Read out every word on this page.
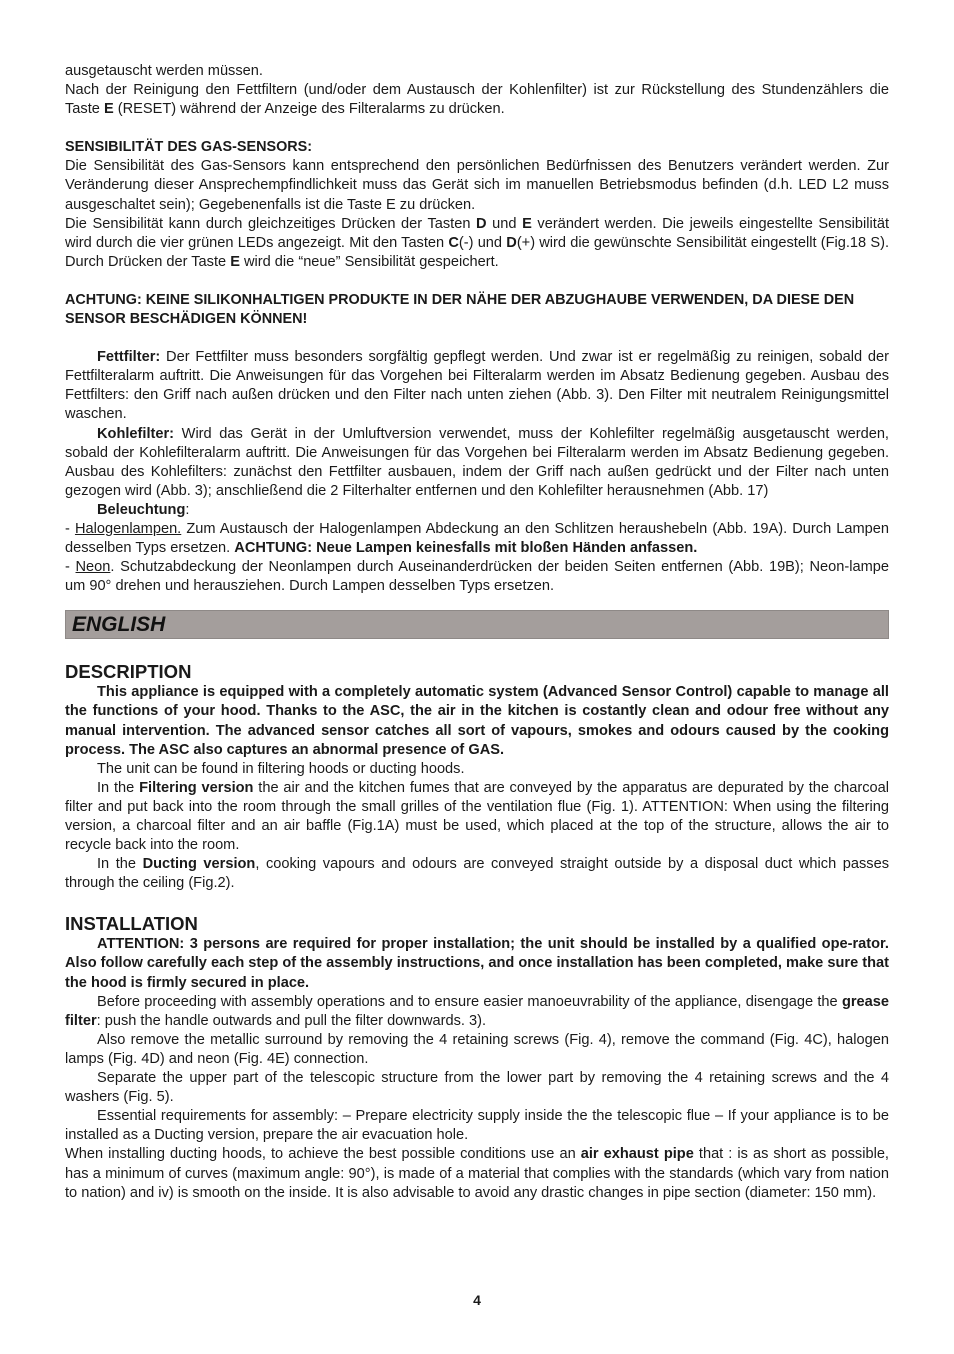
ausgetauscht werden müssen.

Nach der Reinigung den Fettfiltern (und/oder dem Austausch der Kohlenfilter) ist zur Rückstellung des Stundenzählers die Taste E (RESET) während der Anzeige des Filteralarms zu drücken.

SENSIBILITÄT DES GAS-SENSORS:

Die Sensibilität des Gas-Sensors kann entsprechend den persönlichen Bedürfnissen des Benutzers verändert werden. Zur Veränderung dieser Ansprechempfindlichkeit muss das Gerät sich im manuellen Betriebsmodus befinden (d.h. LED L2 muss ausgeschaltet sein); Gegebenenfalls ist die Taste E zu drücken.

Die Sensibilität kann durch gleichzeitiges Drücken der Tasten D und E verändert werden. Die jeweils eingestellte Sensibilität wird durch die vier grünen LEDs angezeigt. Mit den Tasten C(-) und D(+) wird die gewünschte Sensibilität eingestellt (Fig.18 S). Durch Drücken der Taste E wird die “neue” Sensibilität gespeichert.

ACHTUNG: KEINE SILIKONHALTIGEN PRODUKTE IN DER NÄHE DER ABZUGHAUBE VERWENDEN, DA DIESE DEN SENSOR BESCHÄDIGEN KÖNNEN!

Fettfilter: Der Fettfilter muss besonders sorgfältig gepflegt werden. Und zwar ist er regelmäßig zu reinigen, sobald der Fettfilteralarm auftritt. Die Anweisungen für das Vorgehen bei Filteralarm werden im Absatz Bedienung gegeben. Ausbau des Fettfilters: den Griff nach außen drücken und den Filter nach unten ziehen (Abb. 3). Den Filter mit neutralem Reinigungsmittel waschen.

Kohlefilter: Wird das Gerät in der Umluftversion verwendet, muss der Kohlefilter regelmäßig ausgetauscht werden, sobald der Kohlefilteralarm auftritt. Die Anweisungen für das Vorgehen bei Filteralarm werden im Absatz Bedienung gegeben. Ausbau des Kohlefilters: zunächst den Fettfilter ausbauen, indem der Griff nach außen gedrückt und der Filter nach unten gezogen wird (Abb. 3); anschließend die 2 Filterhalter entfernen und den Kohlefilter herausnehmen (Abb. 17)

Beleuchtung:

- Halogenlampen. Zum Austausch der Halogenlampen Abdeckung an den Schlitzen heraushebeln (Abb. 19A). Durch Lampen desselben Typs ersetzen. ACHTUNG: Neue Lampen keinesfalls mit bloßen Händen anfassen.

- Neon. Schutzabdeckung der Neonlampen durch Auseinanderdrücken der beiden Seiten entfernen (Abb. 19B); Neon-lampe um 90° drehen und herausziehen. Durch Lampen desselben Typs ersetzen.

ENGLISH

DESCRIPTION

This appliance is equipped with a completely automatic system (Advanced Sensor Control) capable to manage all the functions of your hood. Thanks to the ASC, the air in the kitchen is costantly clean and odour free without any manual intervention. The advanced sensor catches all sort of vapours, smokes and odours caused by the cooking process. The ASC also captures an abnormal presence of GAS.

The unit can be found in filtering hoods or ducting hoods.

In the Filtering version the air and the kitchen fumes that are conveyed by the apparatus are depurated by the charcoal filter and put back into the room through the small grilles of the ventilation flue (Fig. 1). ATTENTION: When using the filtering version, a charcoal filter and an air baffle (Fig.1A) must be used, which placed at the top of the structure, allows the air to recycle back into the room.

In the Ducting version, cooking vapours and odours are conveyed straight outside by a disposal duct which passes through the ceiling (Fig.2).

INSTALLATION

ATTENTION: 3 persons are required for proper installation; the unit should be installed by a qualified ope-rator. Also follow carefully each step of the assembly instructions, and once installation has been completed, make sure that the hood is firmly secured in place.

Before proceeding with assembly operations and to ensure easier manoeuvrability of the appliance, disengage the grease filter: push the handle outwards and pull the filter downwards. 3).

Also remove the metallic surround by removing the 4 retaining screws (Fig. 4), remove the command (Fig. 4C), halogen lamps (Fig. 4D) and neon (Fig. 4E) connection.

Separate the upper part of the telescopic structure from the lower part by removing the 4 retaining screws and the 4 washers (Fig. 5).

Essential requirements for assembly: – Prepare electricity supply inside the the telescopic flue – If your appliance is to be installed as a Ducting version, prepare the air evacuation hole.

When installing ducting hoods, to achieve the best possible conditions use an air exhaust pipe that : is as short as possible, has a minimum of curves (maximum angle: 90°), is made of a material that complies with the standards (which vary from nation to nation) and iv) is smooth on the inside. It is also advisable to avoid any drastic changes in pipe section (diameter: 150 mm).

4
